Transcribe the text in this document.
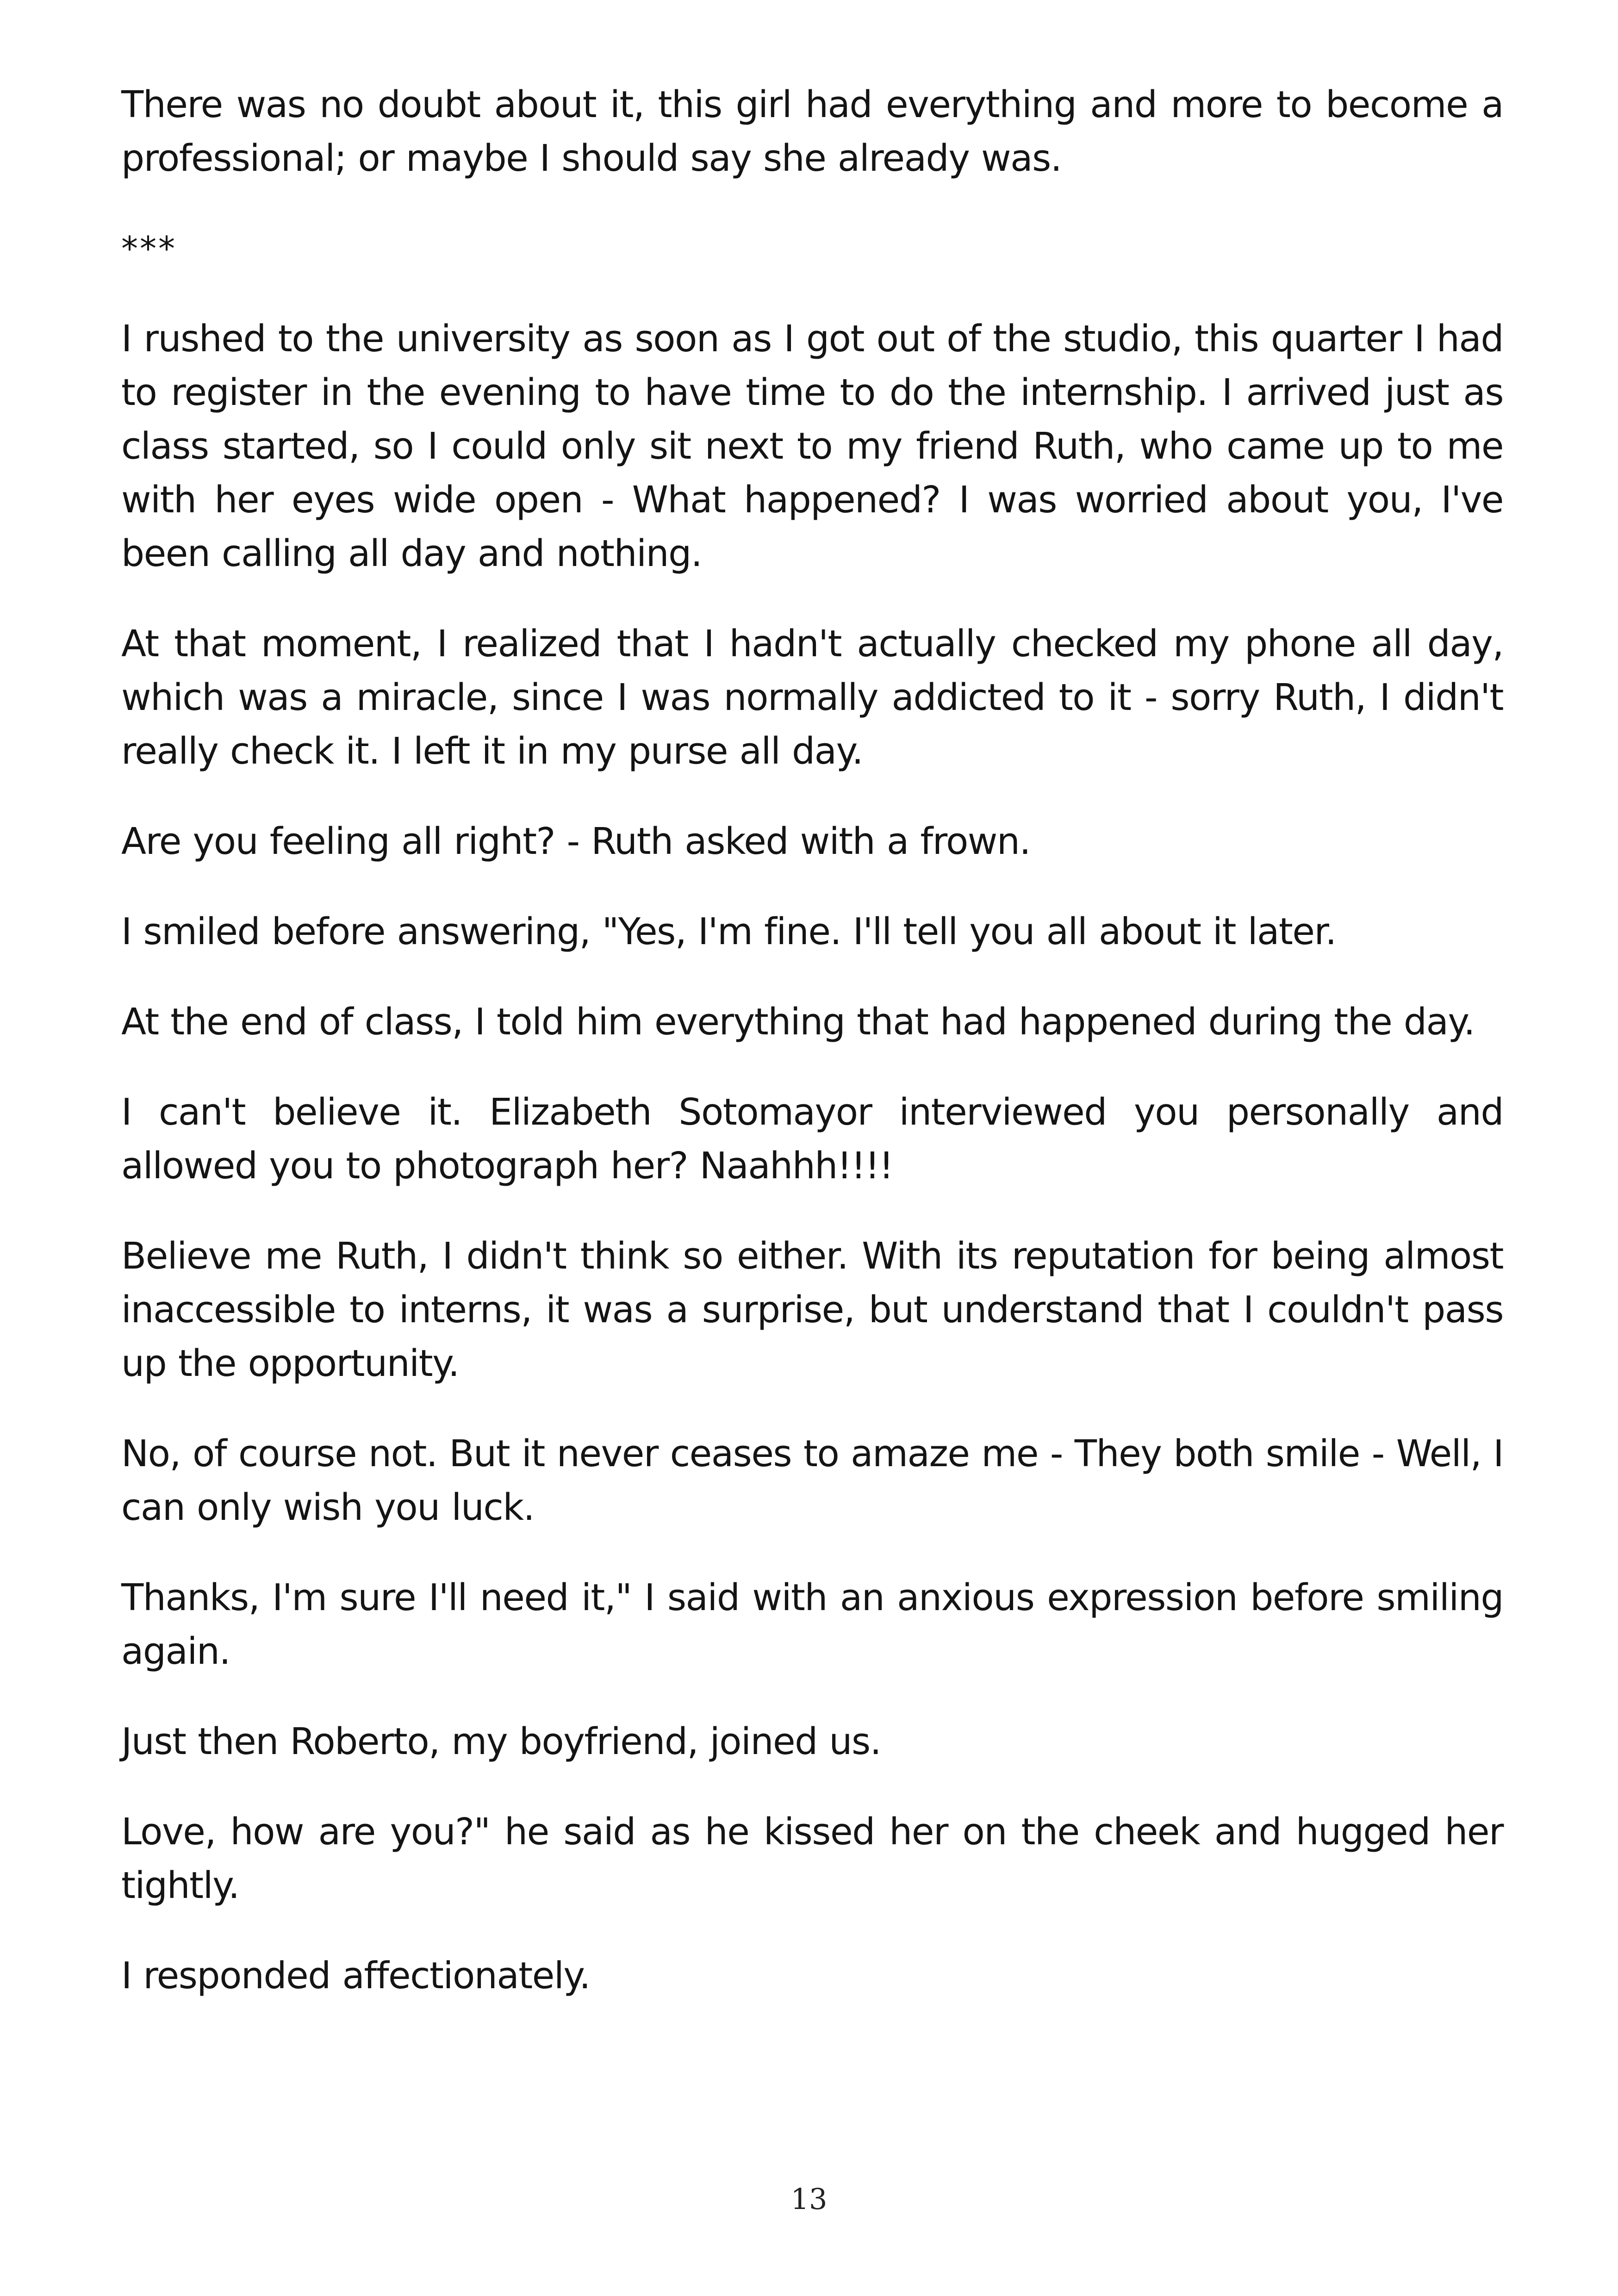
There was no doubt about it, this girl had everything and more to become a professional; or maybe I should say she already was.

***

I rushed to the university as soon as I got out of the studio, this quarter I had to register in the evening to have time to do the internship. I arrived just as class started, so I could only sit next to my friend Ruth, who came up to me with her eyes wide open - What happened? I was worried about you, I've been calling all day and nothing.

At that moment, I realized that I hadn't actually checked my phone all day, which was a miracle, since I was normally addicted to it - sorry Ruth, I didn't really check it. I left it in my purse all day.

Are you feeling all right? - Ruth asked with a frown.

I smiled before answering, "Yes, I'm fine. I'll tell you all about it later.

At the end of class, I told him everything that had happened during the day.

I can't believe it. Elizabeth Sotomayor interviewed you personally and allowed you to photograph her? Naahhh!!!!

Believe me Ruth, I didn't think so either. With its reputation for being almost inaccessible to interns, it was a surprise, but understand that I couldn't pass up the opportunity.

No, of course not. But it never ceases to amaze me - They both smile - Well, I can only wish you luck.

Thanks, I'm sure I'll need it," I said with an anxious expression before smiling again.

Just then Roberto, my boyfriend, joined us.

Love, how are you?" he said as he kissed her on the cheek and hugged her tightly.

I responded affectionately.

13
